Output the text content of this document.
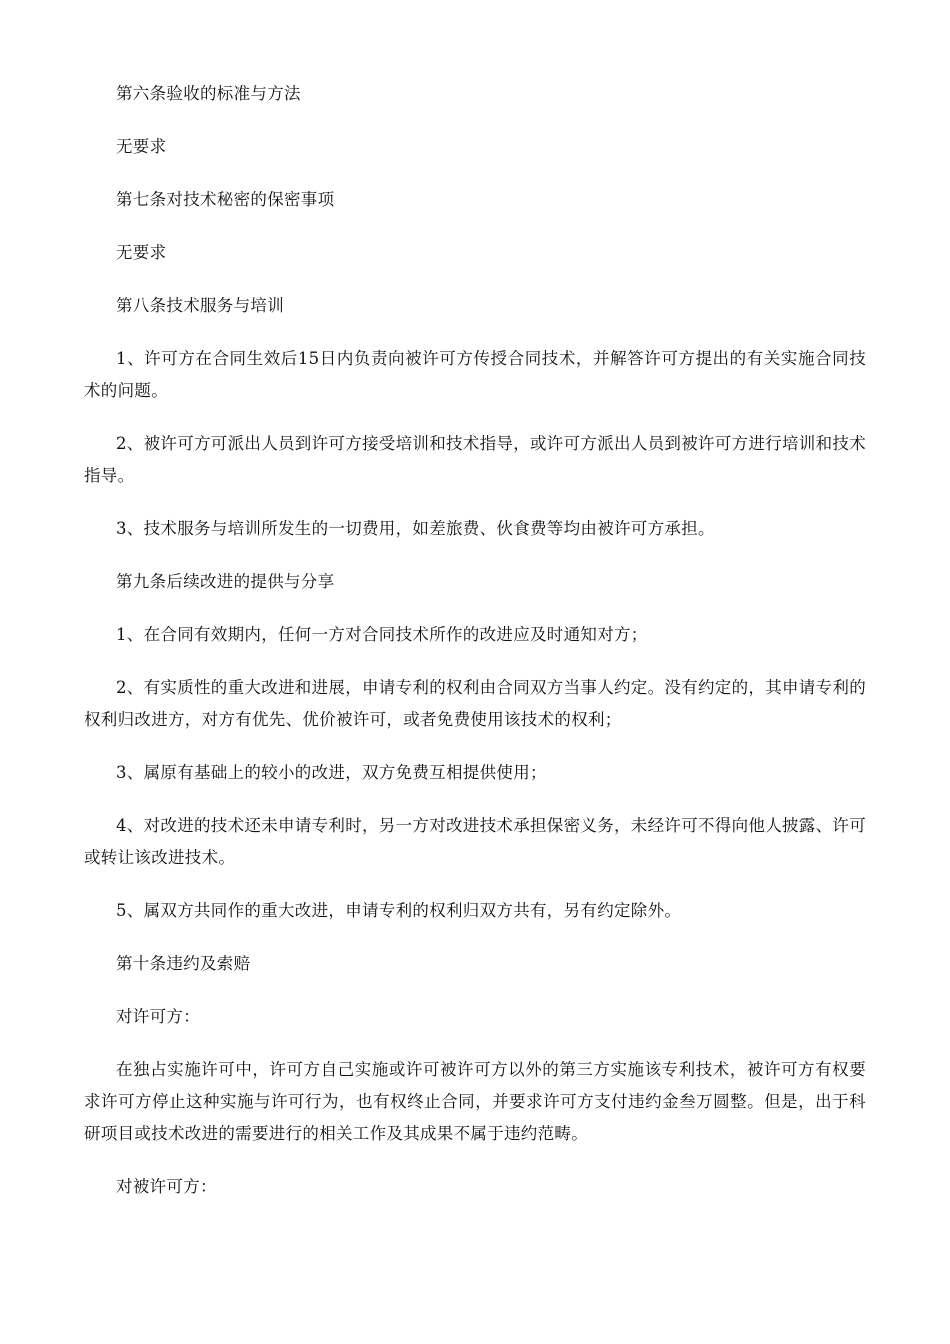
第六条验收的标准与方法

无要求

第七条对技术秘密的保密事项

无要求

第八条技术服务与培训

1、许可方在合同生效后15日内负责向被许可方传授合同技术，并解答许可方提出的有关实施合同技术的问题。

2、被许可方可派出人员到许可方接受培训和技术指导，或许可方派出人员到被许可方进行培训和技术指导。

3、技术服务与培训所发生的一切费用，如差旅费、伙食费等均由被许可方承担。

第九条后续改进的提供与分享

1、在合同有效期内，任何一方对合同技术所作的改进应及时通知对方；

2、有实质性的重大改进和进展，申请专利的权利由合同双方当事人约定。没有约定的，其申请专利的权利归改进方，对方有优先、优价被许可，或者免费使用该技术的权利；

3、属原有基础上的较小的改进，双方免费互相提供使用；

4、对改进的技术还未申请专利时，另一方对改进技术承担保密义务，未经许可不得向他人披露、许可或转让该改进技术。

5、属双方共同作的重大改进，申请专利的权利归双方共有，另有约定除外。

第十条违约及索赔

对许可方：

在独占实施许可中，许可方自己实施或许可被许可方以外的第三方实施该专利技术，被许可方有权要求许可方停止这种实施与许可行为，也有权终止合同，并要求许可方支付违约金叁万圆整。但是，出于科研项目或技术改进的需要进行的相关工作及其成果不属于违约范畴。

对被许可方：
